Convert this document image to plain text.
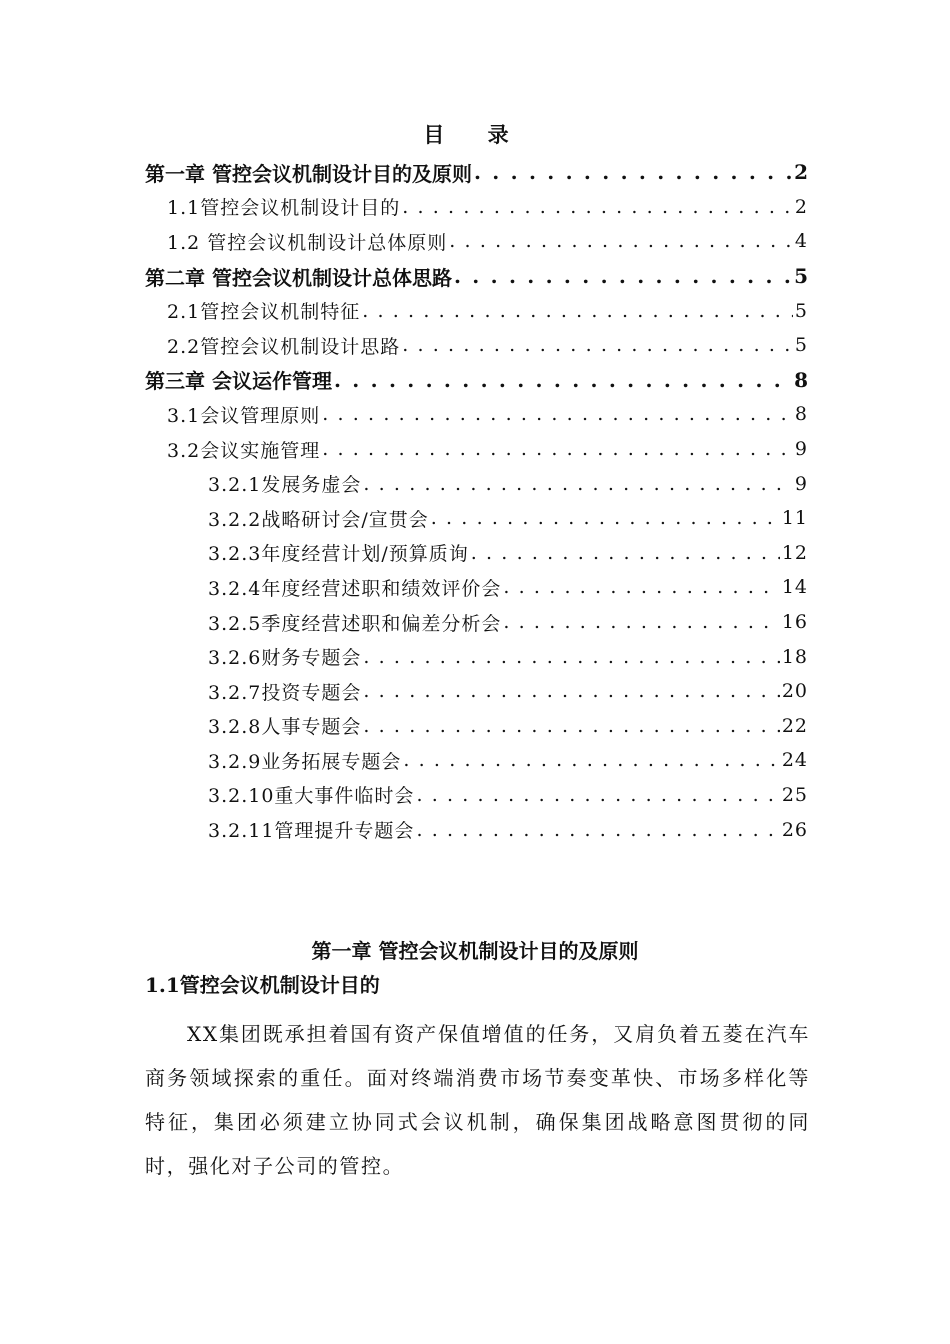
目 录
第一章 管控会议机制设计目的及原则 . . .	2
1.1管控会议机制设计目的 . . .	2
1.2 管控会议机制设计总体原则 . . .	4
第二章 管控会议机制设计总体思路 . . .	5
2.1管控会议机制特征 . . .	5
2.2管控会议机制设计思路 . . .	5
第三章 会议运作管理 . . .	8
3.1会议管理原则 . . .	8
3.2会议实施管理 . . .	9
3.2.1发展务虚会 . . .	9
3.2.2战略研讨会/宣贯会 . . .	11
3.2.3年度经营计划/预算质询 . . .	12
3.2.4年度经营述职和绩效评价会 . . .	14
3.2.5季度经营述职和偏差分析会 . . .	16
3.2.6财务专题会 . . .	18
3.2.7投资专题会 . . .	20
3.2.8人事专题会 . . .	22
3.2.9业务拓展专题会 . . .	24
3.2.10重大事件临时会 . . .	25
3.2.11管理提升专题会 . . .	26
第一章 管控会议机制设计目的及原则
1.1管控会议机制设计目的

XX集团既承担着国有资产保值增值的任务，又肩负着五菱在汽车商务领域探索的重任。面对终端消费市场节奏变革快、市场多样化等特征，集团必须建立协同式会议机制，确保集团战略意图贯彻的同时，强化对子公司的管控。
